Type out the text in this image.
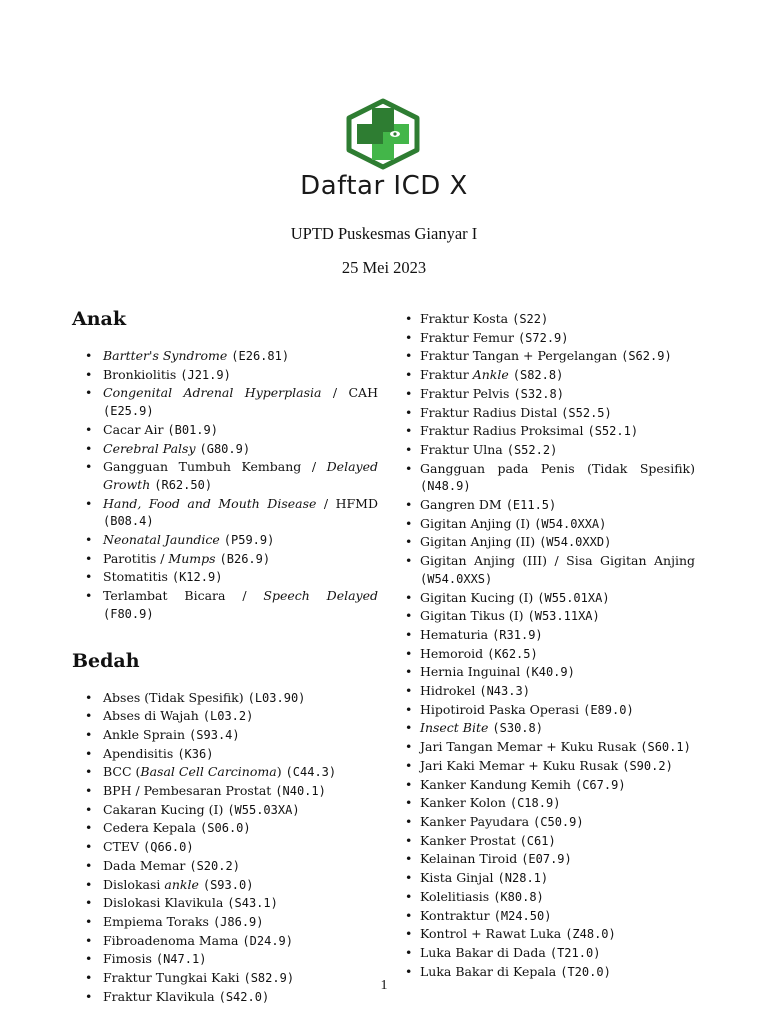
Daftar ICD X
UPTD Puskesmas Gianyar I
25 Mei 2023
Anak
• Bartter's Syndrome (E26.81)
• Bronkiolitis (J21.9)
• Congenital Adrenal Hyperplasia / CAH (E25.9)
• Cacar Air (B01.9)
• Cerebral Palsy (G80.9)
• Gangguan Tumbuh Kembang / Delayed Growth (R62.50)
• Hand, Food and Mouth Disease / HFMD (B08.4)
• Neonatal Jaundice (P59.9)
• Parotitis / Mumps (B26.9)
• Stomatitis (K12.9)
• Terlambat Bicara / Speech Delayed (F80.9)
Bedah
• Abses (Tidak Spesifik) (L03.90)
• Abses di Wajah (L03.2)
• Ankle Sprain (S93.4)
• Apendisitis (K36)
• BCC (Basal Cell Carcinoma) (C44.3)
• BPH / Pembesaran Prostat (N40.1)
• Cakaran Kucing (I) (W55.03XA)
• Cedera Kepala (S06.0)
• CTEV (Q66.0)
• Dada Memar (S20.2)
• Dislokasi ankle (S93.0)
• Dislokasi Klavikula (S43.1)
• Empiema Toraks (J86.9)
• Fibroadenoma Mama (D24.9)
• Fimosis (N47.1)
• Fraktur Tungkai Kaki (S82.9)
• Fraktur Klavikula (S42.0)
• Fraktur Kosta (S22)
• Fraktur Femur (S72.9)
• Fraktur Tangan + Pergelangan (S62.9)
• Fraktur Ankle (S82.8)
• Fraktur Pelvis (S32.8)
• Fraktur Radius Distal (S52.5)
• Fraktur Radius Proksimal (S52.1)
• Fraktur Ulna (S52.2)
• Gangguan pada Penis (Tidak Spesifik) (N48.9)
• Gangren DM (E11.5)
• Gigitan Anjing (I) (W54.0XXA)
• Gigitan Anjing (II) (W54.0XXD)
• Gigitan Anjing (III) / Sisa Gigitan Anjing (W54.0XXS)
• Gigitan Kucing (I) (W55.01XA)
• Gigitan Tikus (I) (W53.11XA)
• Hematuria (R31.9)
• Hemoroid (K62.5)
• Hernia Inguinal (K40.9)
• Hidrokel (N43.3)
• Hipotiroid Paska Operasi (E89.0)
• Insect Bite (S30.8)
• Jari Tangan Memar + Kuku Rusak (S60.1)
• Jari Kaki Memar + Kuku Rusak (S90.2)
• Kanker Kandung Kemih (C67.9)
• Kanker Kolon (C18.9)
• Kanker Payudara (C50.9)
• Kanker Prostat (C61)
• Kelainan Tiroid (E07.9)
• Kista Ginjal (N28.1)
• Kolelitiasis (K80.8)
• Kontraktur (M24.50)
• Kontrol + Rawat Luka (Z48.0)
• Luka Bakar di Dada (T21.0)
• Luka Bakar di Kepala (T20.0)
1
